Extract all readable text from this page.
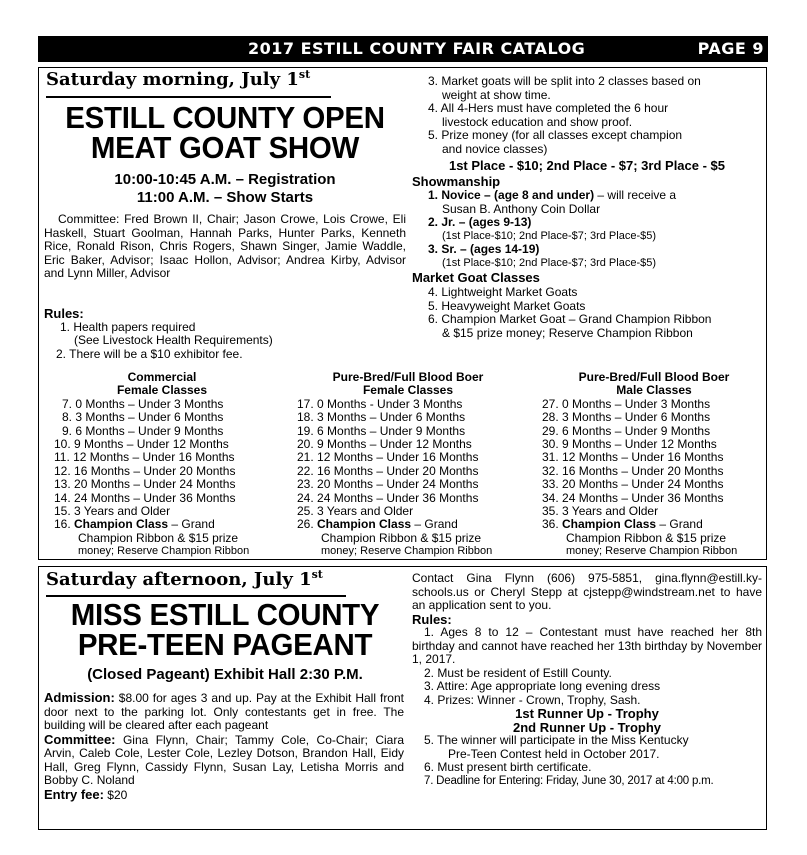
2017 ESTILL COUNTY FAIR CATALOG	PAGE 9
Saturday morning, July 1st
ESTILL COUNTY OPEN
MEAT GOAT SHOW
10:00-10:45 A.M. – Registration
11:00 A.M. – Show Starts
Committee: Fred Brown II, Chair; Jason Crowe, Lois Crowe, Eli Haskell, Stuart Goolman, Hannah Parks, Hunter Parks, Kenneth Rice, Ronald Rison, Chris Rogers, Shawn Singer, Jamie Waddle, Eric Baker, Advisor; Isaac Hollon, Advisor; Andrea Kirby, Advisor and Lynn Miller, Advisor
Rules:
1. Health papers required
(See Livestock Health Requirements)
2. There will be a $10 exhibitor fee.
3. Market goats will be split into 2 classes based on
weight at show time.
4. All 4-Hers must have completed the 6 hour
livestock education and show proof.
5. Prize money (for all classes except champion
and novice classes)
1st Place - $10; 2nd Place - $7; 3rd Place - $5
Showmanship
1. Novice – (age 8 and under) – will receive a
Susan B. Anthony Coin Dollar
2. Jr. – (ages 9-13)
(1st Place-$10; 2nd Place-$7; 3rd Place-$5)
3. Sr. – (ages 14-19)
(1st Place-$10; 2nd Place-$7; 3rd Place-$5)
Market Goat Classes
4. Lightweight Market Goats
5. Heavyweight Market Goats
6. Champion Market Goat – Grand Champion Ribbon
& $15 prize money; Reserve Champion Ribbon
Commercial
Female Classes
7. 0 Months – Under 3 Months
8. 3 Months – Under 6 Months
9. 6 Months – Under 9 Months
10. 9 Months – Under 12 Months
11. 12 Months – Under 16 Months
12. 16 Months – Under 20 Months
13. 20 Months – Under 24 Months
14. 24 Months – Under 36 Months
15. 3 Years and Older
16. Champion Class – Grand
Champion Ribbon & $15 prize
money; Reserve Champion Ribbon
Pure-Bred/Full Blood Boer
Female Classes
17. 0 Months - Under 3 Months
18. 3 Months – Under 6 Months
19. 6 Months – Under 9 Months
20. 9 Months – Under 12 Months
21. 12 Months – Under 16 Months
22. 16 Months – Under 20 Months
23. 20 Months – Under 24 Months
24. 24 Months – Under 36 Months
25. 3 Years and Older
26. Champion Class – Grand
Champion Ribbon & $15 prize
money; Reserve Champion Ribbon
Pure-Bred/Full Blood Boer
Male Classes
27. 0 Months – Under 3 Months
28. 3 Months – Under 6 Months
29. 6 Months – Under 9 Months
30. 9 Months – Under 12 Months
31. 12 Months – Under 16 Months
32. 16 Months – Under 20 Months
33. 20 Months – Under 24 Months
34. 24 Months – Under 36 Months
35. 3 Years and Older
36. Champion Class – Grand
Champion Ribbon & $15 prize
money; Reserve Champion Ribbon
Saturday afternoon, July 1st
MISS ESTILL COUNTY
PRE-TEEN PAGEANT
(Closed Pageant) Exhibit Hall 2:30 P.M.
Admission: $8.00 for ages 3 and up. Pay at the Exhibit Hall front door next to the parking lot. Only contestants get in free. The building will be cleared after each pageant
Committee: Gina Flynn, Chair; Tammy Cole, Co-Chair; Ciara Arvin, Caleb Cole, Lester Cole, Lezley Dotson, Brandon Hall, Eidy Hall, Greg Flynn, Cassidy Flynn, Susan Lay, Letisha Morris and Bobby C. Noland
Entry fee: $20
Contact Gina Flynn (606) 975-5851, gina.flynn@estill.ky-schools.us or Cheryl Stepp at cjstepp@windstream.net to have an application sent to you.
Rules:
1. Ages 8 to 12 – Contestant must have reached her 8th birthday and cannot have reached her 13th birthday by November 1, 2017.
2. Must be resident of Estill County.
3. Attire: Age appropriate long evening dress
4. Prizes: Winner - Crown, Trophy, Sash.
1st Runner Up - Trophy
2nd Runner Up - Trophy
5. The winner will participate in the Miss Kentucky
Pre-Teen Contest held in October 2017.
6. Must present birth certificate.
7. Deadline for Entering: Friday, June 30, 2017 at 4:00 p.m.
